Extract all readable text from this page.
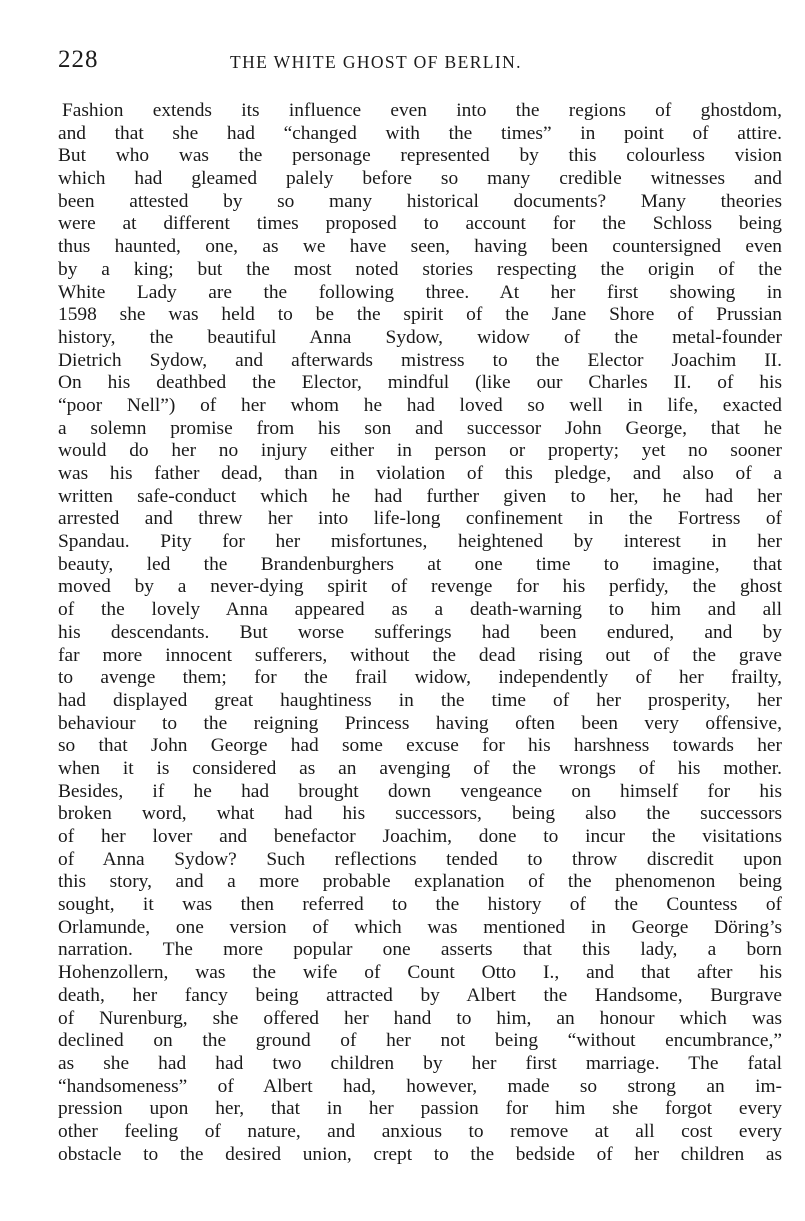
228	THE WHITE GHOST OF BERLIN.
Fashion extends its influence even into the regions of ghostdom,
and that she had “changed with the times” in point of attire.
But who was the personage represented by this colourless vision
which had gleamed palely before so many credible witnesses and
been attested by so many historical documents? Many theories
were at different times proposed to account for the Schloss being
thus haunted, one, as we have seen, having been countersigned even
by a king; but the most noted stories respecting the origin of the
White Lady are the following three. At her first showing in
1598 she was held to be the spirit of the Jane Shore of Prussian
history, the beautiful Anna Sydow, widow of the metal-founder
Dietrich Sydow, and afterwards mistress to the Elector Joachim II.
On his deathbed the Elector, mindful (like our Charles II. of his
“poor Nell”) of her whom he had loved so well in life, exacted
a solemn promise from his son and successor John George, that he
would do her no injury either in person or property; yet no sooner
was his father dead, than in violation of this pledge, and also of a
written safe-conduct which he had further given to her, he had her
arrested and threw her into life-long confinement in the Fortress of
Spandau. Pity for her misfortunes, heightened by interest in her
beauty, led the Brandenburghers at one time to imagine, that
moved by a never-dying spirit of revenge for his perfidy, the ghost
of the lovely Anna appeared as a death-warning to him and all
his descendants. But worse sufferings had been endured, and by
far more innocent sufferers, without the dead rising out of the grave
to avenge them; for the frail widow, independently of her frailty,
had displayed great haughtiness in the time of her prosperity, her
behaviour to the reigning Princess having often been very offensive,
so that John George had some excuse for his harshness towards her
when it is considered as an avenging of the wrongs of his mother.
Besides, if he had brought down vengeance on himself for his
broken word, what had his successors, being also the successors
of her lover and benefactor Joachim, done to incur the visitations
of Anna Sydow? Such reflections tended to throw discredit upon
this story, and a more probable explanation of the phenomenon being
sought, it was then referred to the history of the Countess of
Orlamunde, one version of which was mentioned in George Döring’s
narration. The more popular one asserts that this lady, a born
Hohenzollern, was the wife of Count Otto I., and that after his
death, her fancy being attracted by Albert the Handsome, Burgrave
of Nurenburg, she offered her hand to him, an honour which was
declined on the ground of her not being “without encumbrance,”
as she had had two children by her first marriage. The fatal
“handsomeness” of Albert had, however, made so strong an im-
pression upon her, that in her passion for him she forgot every
other feeling of nature, and anxious to remove at all cost every
obstacle to the desired union, crept to the bedside of her children as
